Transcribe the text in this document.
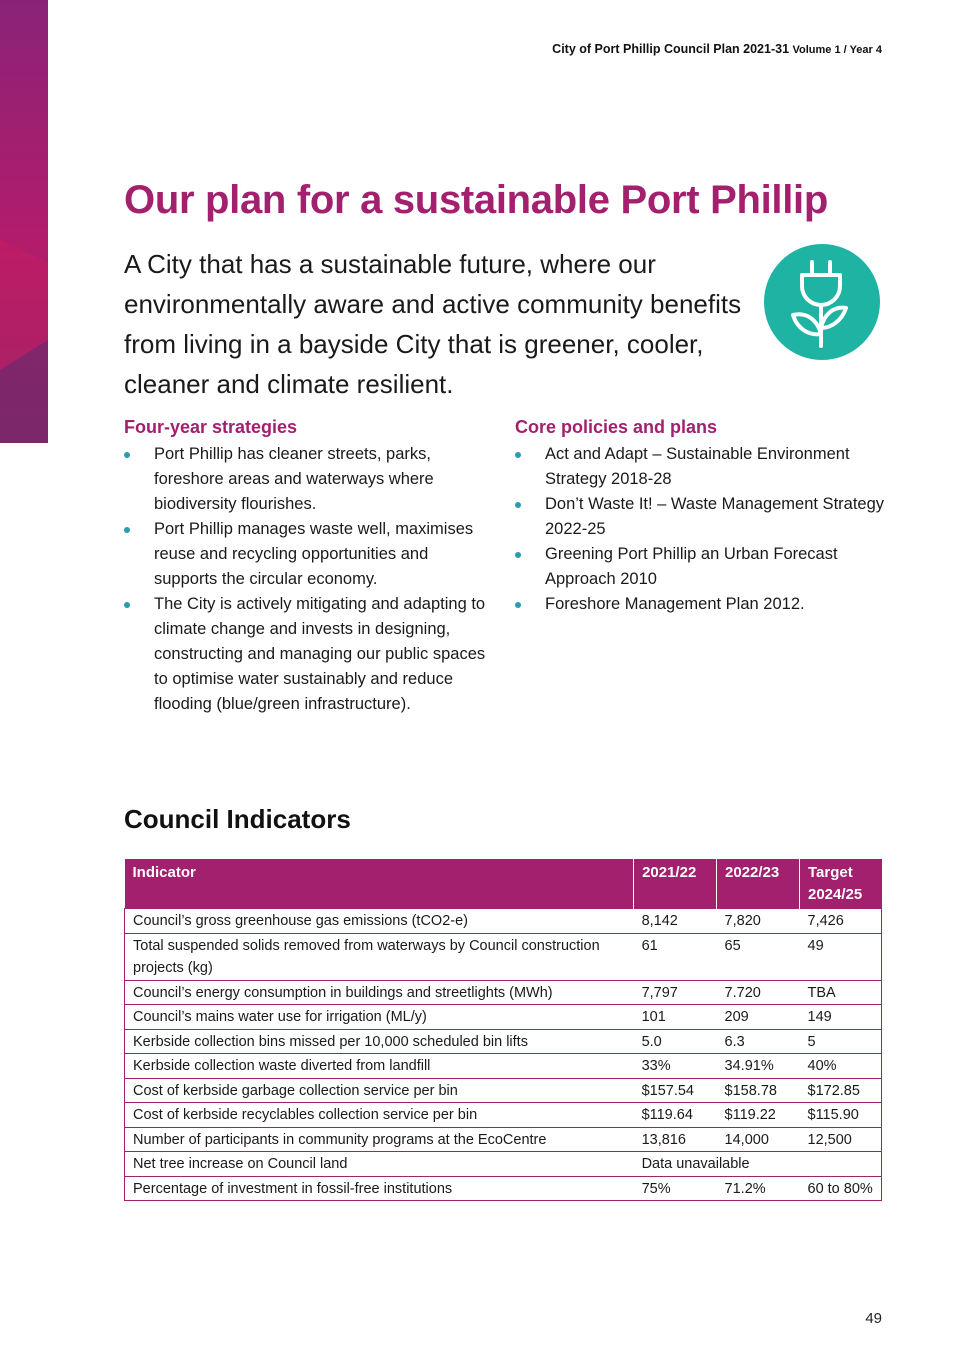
City of Port Phillip Council Plan 2021-31 Volume 1 / Year 4
Our plan for a sustainable Port Phillip

A City that has a sustainable future, where our environmentally aware and active community benefits from living in a bayside City that is greener, cooler, cleaner and climate resilient.

Four-year strategies
Port Phillip has cleaner streets, parks, foreshore areas and waterways where biodiversity flourishes.
Port Phillip manages waste well, maximises reuse and recycling opportunities and supports the circular economy.
The City is actively mitigating and adapting to climate change and invests in designing, constructing and managing our public spaces to optimise water sustainably and reduce flooding (blue/green infrastructure).
Core policies and plans
Act and Adapt – Sustainable Environment Strategy 2018-28
Don’t Waste It! – Waste Management Strategy 2022-25
Greening Port Phillip an Urban Forecast Approach 2010
Foreshore Management Plan 2012.
Council Indicators
Indicator	2021/22	2022/23	Target 2024/25
Council’s gross greenhouse gas emissions (tCO2-e)	8,142	7,820	7,426
Total suspended solids removed from waterways by Council construction projects (kg)	61	65	49
Council’s energy consumption in buildings and streetlights (MWh)	7,797	7.720	TBA
Council’s mains water use for irrigation (ML/y)	101	209	149
Kerbside collection bins missed per 10,000 scheduled bin lifts	5.0	6.3	5
Kerbside collection waste diverted from landfill	33%	34.91%	40%
Cost of kerbside garbage collection service per bin	$157.54	$158.78	$172.85
Cost of kerbside recyclables collection service per bin	$119.64	$119.22	$115.90
Number of participants in community programs at the EcoCentre	13,816	14,000	12,500
Net tree increase on Council land	Data unavailable		
Percentage of investment in fossil-free institutions	75%	71.2%	60 to 80%
49
